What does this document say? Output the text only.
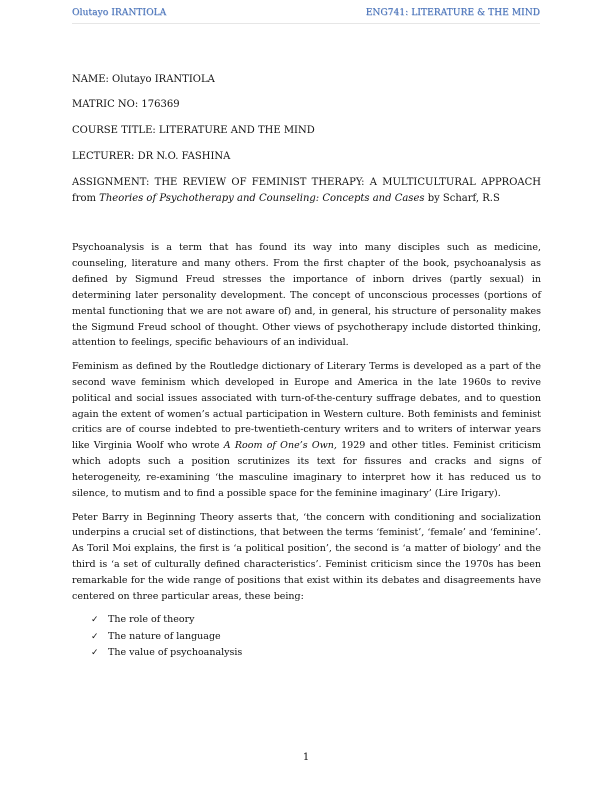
Olutayo IRANTIOLA	ENG741: LITERATURE & THE MIND
NAME: Olutayo IRANTIOLA
MATRIC NO: 176369
COURSE TITLE: LITERATURE AND THE MIND
LECTURER: DR N.O. FASHINA
ASSIGNMENT: THE REVIEW OF FEMINIST THERAPY: A MULTICULTURAL APPROACH
from Theories of Psychotherapy and Counseling: Concepts and Cases by Scharf, R.S

Psychoanalysis is a term that has found its way into many disciples such as medicine, counseling, literature and many others. From the first chapter of the book, psychoanalysis as defined by Sigmund Freud stresses the importance of inborn drives (partly sexual) in determining later personality development. The concept of unconscious processes (portions of mental functioning that we are not aware of) and, in general, his structure of personality makes the Sigmund Freud school of thought. Other views of psychotherapy include distorted thinking, attention to feelings, specific behaviours of an individual.

Feminism as defined by the Routledge dictionary of Literary Terms is developed as a part of the second wave feminism which developed in Europe and America in the late 1960s to revive political and social issues associated with turn-of-the-century suffrage debates, and to question again the extent of women’s actual participation in Western culture. Both feminists and feminist critics are of course indebted to pre-twentieth-century writers and to writers of interwar years like Virginia Woolf who wrote A Room of One’s Own, 1929 and other titles. Feminist criticism which adopts such a position scrutinizes its text for fissures and cracks and signs of heterogeneity, re-examining ‘the masculine imaginary to interpret how it has reduced us to silence, to mutism and to find a possible space for the feminine imaginary’ (Lire Irigary).

Peter Barry in Beginning Theory asserts that, ‘the concern with conditioning and socialization underpins a crucial set of distinctions, that between the terms ‘feminist’, ‘female’ and ‘feminine’. As Toril Moi explains, the first is ‘a political position’, the second is ‘a matter of biology’ and the third is ‘a set of culturally defined characteristics’. Feminist criticism since the 1970s has been remarkable for the wide range of positions that exist within its debates and disagreements have centered on three particular areas, these being:

✓ The role of theory
✓ The nature of language
✓ The value of psychoanalysis
1
